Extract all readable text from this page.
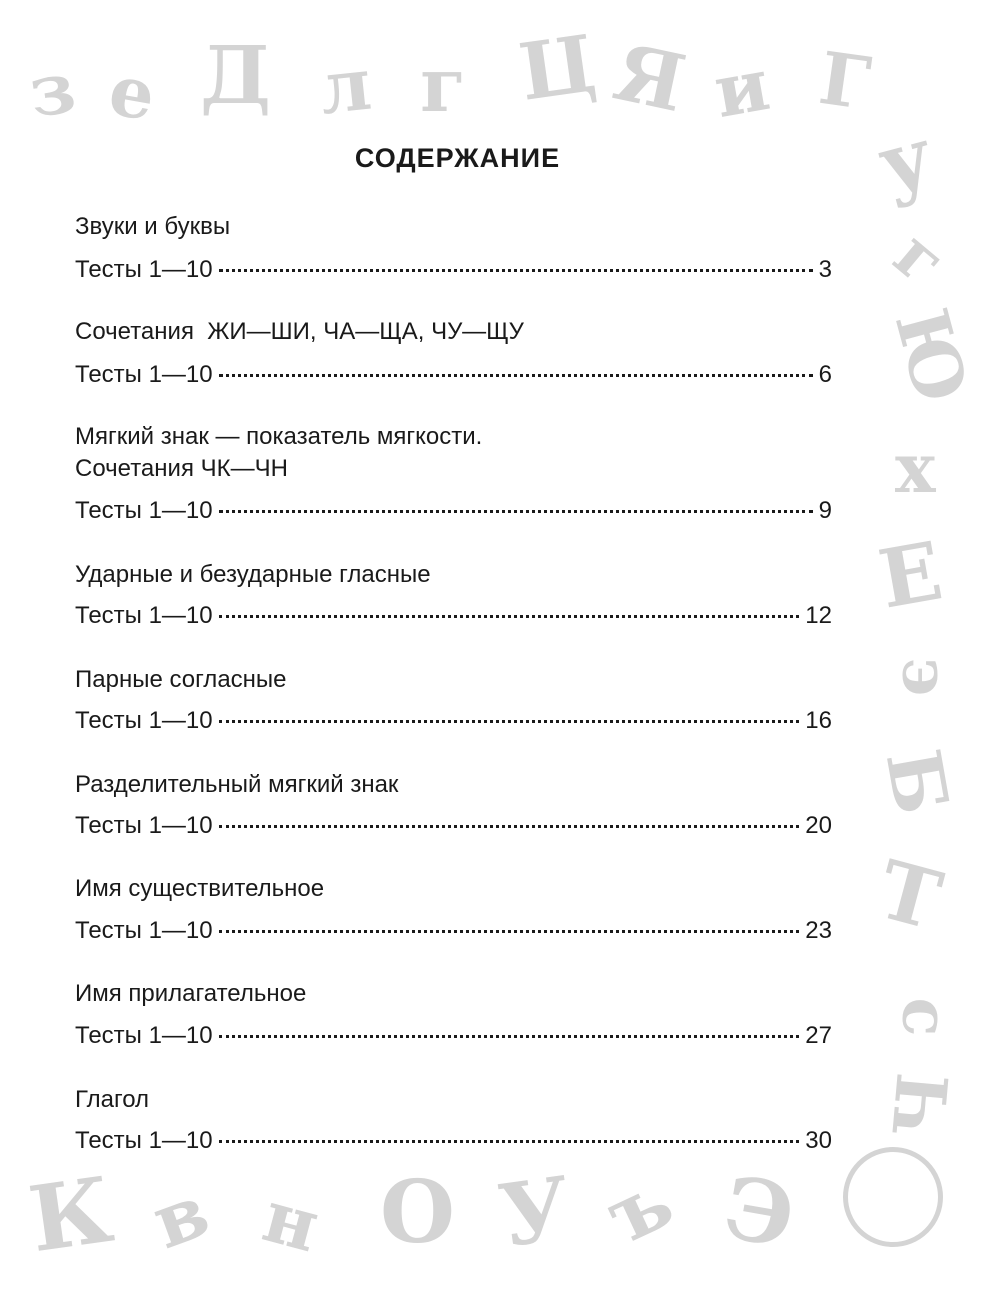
з е Д л г Ц Я и Г
у
г
Ю
х
Е
э
Б
Т
с
Ч
К в н О У ъ Э
СОДЕРЖАНИЕ
Звуки и буквы
Тесты 1—10	3
Сочетания  ЖИ—ШИ, ЧА—ЩА, ЧУ—ЩУ
Тесты 1—10	6
Мягкий знак — показатель мягкости.
Сочетания ЧК—ЧН
Тесты 1—10	9
Ударные и безударные гласные
Тесты 1—10	12
Парные согласные
Тесты 1—10	16
Разделительный мягкий знак
Тесты 1—10	20
Имя существительное
Тесты 1—10	23
Имя прилагательное
Тесты 1—10	27
Глагол
Тесты 1—10	30
